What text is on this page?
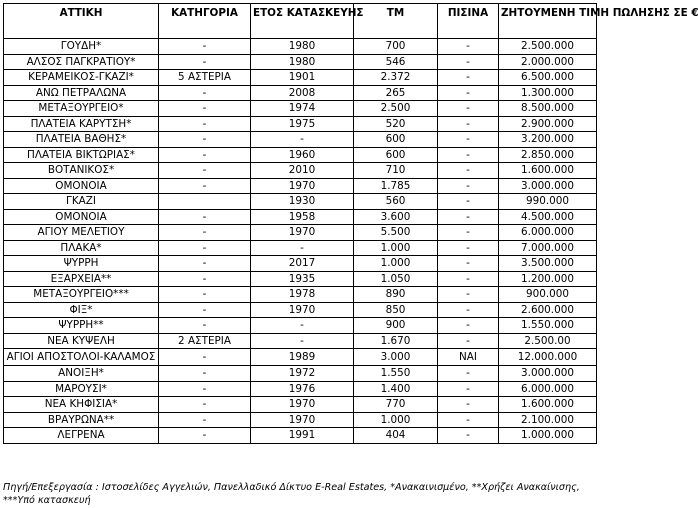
ΑΤΤΙΚΗ	ΚΑΤΗΓΟΡΙΑ	ΕΤΟΣ ΚΑΤΑΣΚΕΥΗΣ	ΤΜ	ΠΙΣΙΝΑ	ΖΗΤΟΥΜΕΝΗ ΤΙΜΗ ΠΩΛΗΣΗΣ ΣΕ €
ΓΟΥΔΗ*	-	1980	700	-	2.500.000
ΑΛΣΟΣ ΠΑΓΚΡΑΤΙΟΥ*	-	1980	546	-	2.000.000
ΚΕΡΑΜΕΙΚΟΣ-ΓΚΑΖΙ*	5 ΑΣΤΕΡΙΑ	1901	2.372	-	6.500.000
ΑΝΩ ΠΕΤΡΑΛΩΝΑ	-	2008	265	-	1.300.000
ΜΕΤΑΞΟΥΡΓΕΙΟ*	-	1974	2.500	-	8.500.000
ΠΛΑΤΕΙΑ ΚΑΡΥΤΣΗ*	-	1975	520	-	2.900.000
ΠΛΑΤΕΙΑ ΒΑΘΗΣ*	-	-	600	-	3.200.000
ΠΛΑΤΕΙΑ ΒΙΚΤΩΡΙΑΣ*	-	1960	600	-	2.850.000
ΒΟΤΑΝΙΚΟΣ*	-	2010	710	-	1.600.000
ΟΜΟΝΟΙΑ	-	1970	1.785	-	3.000.000
ΓΚΑΖΙ		1930	560	-	990.000
ΟΜΟΝΟΙΑ	-	1958	3.600	-	4.500.000
ΑΓΙΟΥ ΜΕΛΕΤΙΟΥ	-	1970	5.500	-	6.000.000
ΠΛΑΚΑ*	-	-	1.000	-	7.000.000
ΨΥΡΡΗ	-	2017	1.000	-	3.500.000
ΕΞΑΡΧΕΙΑ**	-	1935	1.050	-	1.200.000
ΜΕΤΑΞΟΥΡΓΕΙΟ***	-	1978	890	-	900.000
ΦΙΞ*	-	1970	850	-	2.600.000
ΨΥΡΡΗ**	-	-	900	-	1.550.000
ΝΕΑ ΚΥΨΕΛΗ	2 ΑΣΤΕΡΙΑ	-	1.670	-	2.500.00
ΑΓΙΟΙ ΑΠΟΣΤΟΛΟΙ-ΚΑΛΑΜΟΣ	-	1989	3.000	ΝΑΙ	12.000.000
ΑΝΟΙΞΗ*	-	1972	1.550	-	3.000.000
ΜΑΡΟΥΣΙ*	-	1976	1.400	-	6.000.000
ΝΕΑ ΚΗΦΙΣΙΑ*	-	1970	770	-	1.600.000
ΒΡΑΥΡΩΝΑ**	-	1970	1.000	-	2.100.000
ΛΕΓΡΕΝΑ	-	1991	404	-	1.000.000
Πηγή/Επεξεργασία : Ιστοσελίδες Αγγελιών, Πανελλαδικό Δίκτυο E-Real Estates, *Ανακαινισμένο, **Χρήζει Ανακαίνισης, ***Υπό κατασκευή
